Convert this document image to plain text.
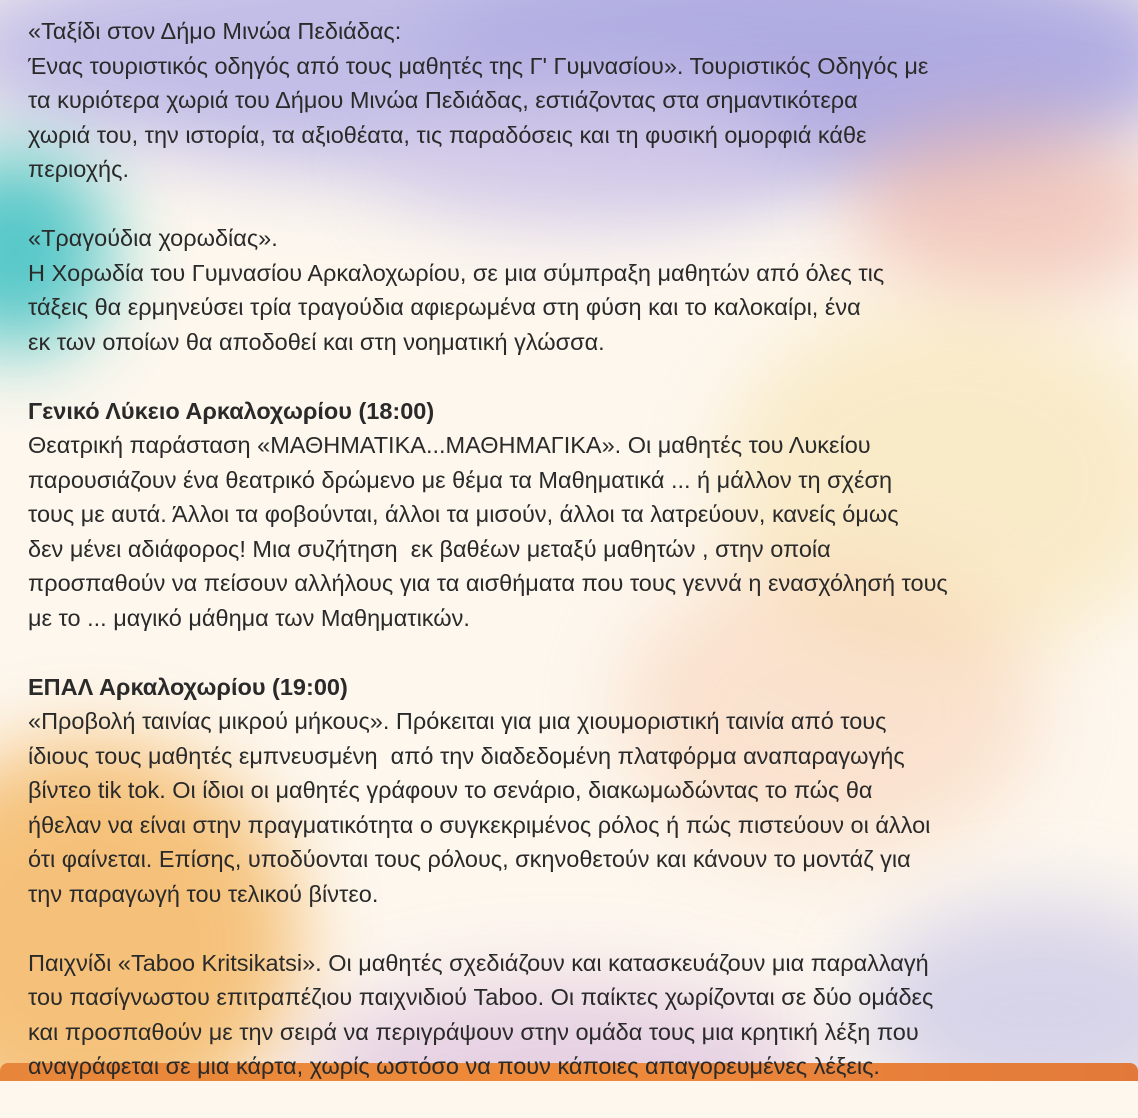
«Ταξίδι στον Δήμο Μινώα Πεδιάδας:
Ένας τουριστικός οδηγός από τους μαθητές της Γ' Γυμνασίου». Τουριστικός Οδηγός με
τα κυριότερα χωριά του Δήμου Μινώα Πεδιάδας, εστιάζοντας στα σημαντικότερα
χωριά του, την ιστορία, τα αξιοθέατα, τις παραδόσεις και τη φυσική ομορφιά κάθε
περιοχής.
«Τραγούδια χορωδίας».
Η Χορωδία του Γυμνασίου Αρκαλοχωρίου, σε μια σύμπραξη μαθητών από όλες τις
τάξεις θα ερμηνεύσει τρία τραγούδια αφιερωμένα στη φύση και το καλοκαίρι, ένα
εκ των οποίων θα αποδοθεί και στη νοηματική γλώσσα.
Γενικό Λύκειο Αρκαλοχωρίου (18:00)
Θεατρική παράσταση «ΜΑΘΗΜΑΤΙΚΑ...ΜΑΘΗΜΑΓΙΚΑ». Οι μαθητές του Λυκείου
παρουσιάζουν ένα θεατρικό δρώμενο με θέμα τα Μαθηματικά ... ή μάλλον τη σχέση
τους με αυτά. Άλλοι τα φοβούνται, άλλοι τα μισούν, άλλοι τα λατρεύουν, κανείς όμως
δεν μένει αδιάφορος! Μια συζήτηση  εκ βαθέων μεταξύ μαθητών , στην οποία
προσπαθούν να πείσουν αλλήλους για τα αισθήματα που τους γεννά η ενασχόλησή τους
με το ... μαγικό μάθημα των Μαθηματικών.
ΕΠΑΛ Αρκαλοχωρίου (19:00)
«Προβολή ταινίας μικρού μήκους». Πρόκειται για μια χιουμοριστική ταινία από τους
ίδιους τους μαθητές εμπνευσμένη  από την διαδεδομένη πλατφόρμα αναπαραγωγής
βίντεο tik tok. Οι ίδιοι οι μαθητές γράφουν το σενάριο, διακωμωδώντας το πώς θα
ήθελαν να είναι στην πραγματικότητα ο συγκεκριμένος ρόλος ή πώς πιστεύουν οι άλλοι
ότι φαίνεται. Επίσης, υποδύονται τους ρόλους, σκηνοθετούν και κάνουν το μοντάζ για
την παραγωγή του τελικού βίντεο.
Παιχνίδι «Taboo Kritsikatsi». Οι μαθητές σχεδιάζουν και κατασκευάζουν μια παραλλαγή
του πασίγνωστου επιτραπέζιου παιχνιδιού Taboo. Οι παίκτες χωρίζονται σε δύο ομάδες
και προσπαθούν με την σειρά να περιγράψουν στην ομάδα τους μια κρητική λέξη που
αναγράφεται σε μια κάρτα, χωρίς ωστόσο να πουν κάποιες απαγορευμένες λέξεις.
